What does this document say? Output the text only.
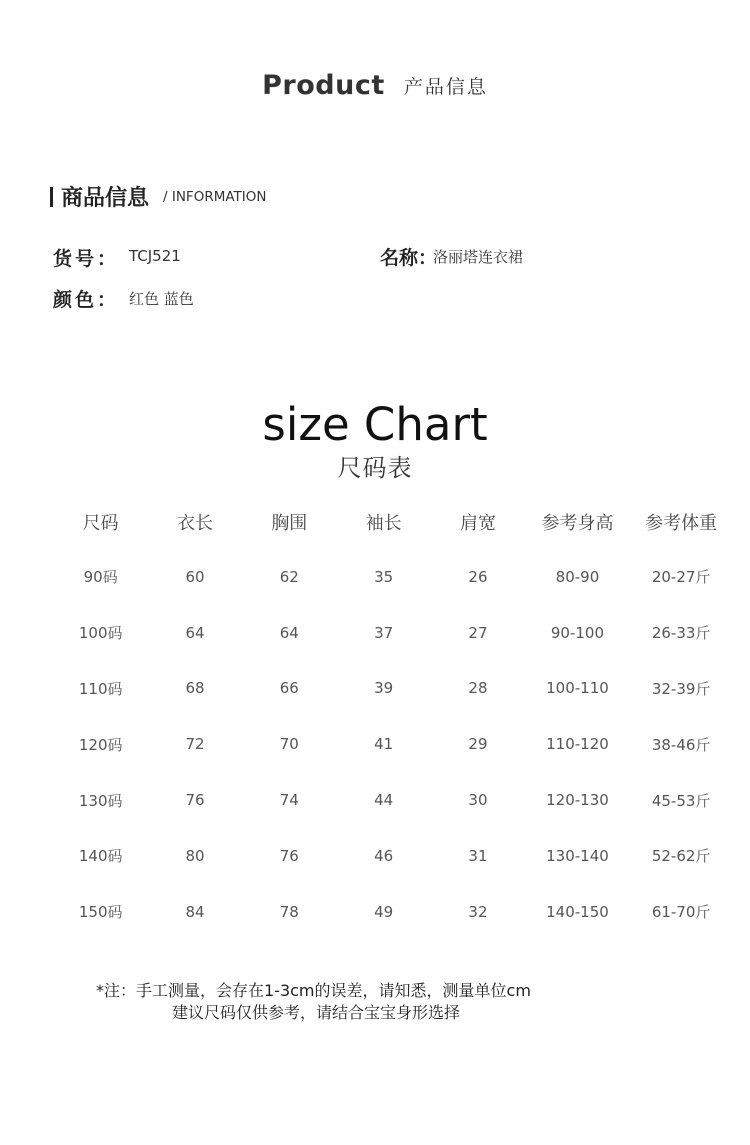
Product 产品信息
商品信息 / INFORMATION
货号： TCJ521	名称：
洛丽塔连衣裙
颜色： 红色 蓝色
size Chart
尺码表
尺码	衣长	胸围	袖长	肩宽	参考身高	参考体重
90码	60	62	35	26	80-90	20-27斤
100码	64	64	37	27	90-100	26-33斤
110码	68	66	39	28	100-110	32-39斤
120码	72	70	41	29	110-120	38-46斤
130码	76	74	44	30	120-130	45-53斤
140码	80	76	46	31	130-140	52-62斤
150码	84	78	49	32	140-150	61-70斤
*注：手工测量，会存在1-3cm的误差，请知悉，测量单位cm
建议尺码仅供参考，请结合宝宝身形选择
